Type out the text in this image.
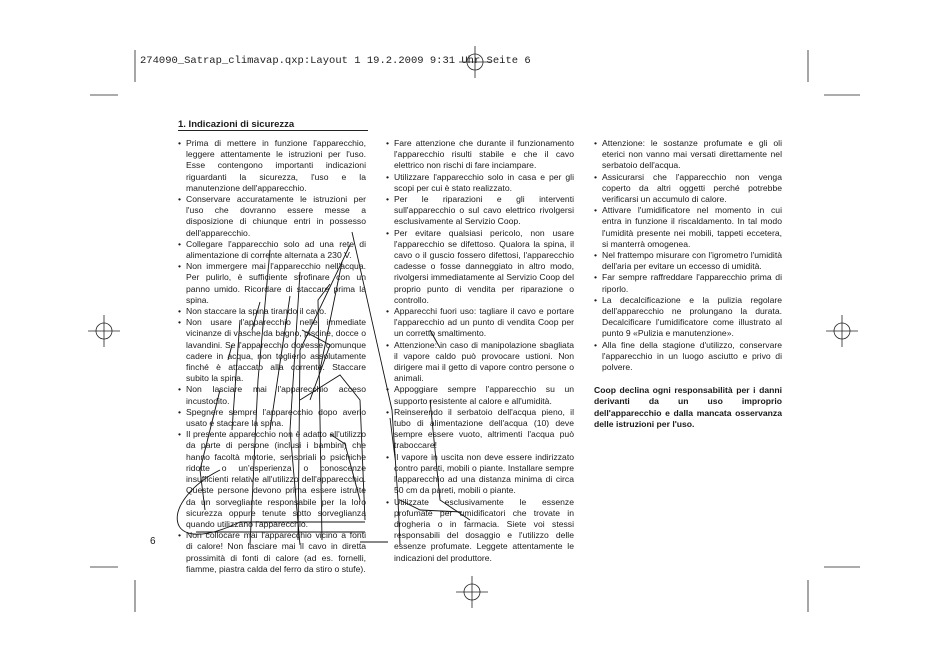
274090_Satrap_climavap.qxp:Layout 1 19.2.2009 9:31 Uhr Seite 6
1. Indicazioni di sicurezza
• Prima di mettere in funzione l'apparecchio, leggere attentamente le istruzioni per l'uso. Esse contengono importanti indicazioni riguardanti la sicurezza, l'uso e la manutenzione dell'apparecchio.
• Conservare accuratamente le istruzioni per l'uso che dovranno essere messe a disposizione di chiunque entri in possesso dell'apparecchio.
• Collegare l'apparecchio solo ad una rete di alimentazione di corrente alternata a 230 V.
• Non immergere mai l'apparecchio nell'acqua. Per pulirlo, è sufficiente strofinare con un panno umido. Ricordare di staccare prima la spina.
• Non staccare la spina tirando il cavo.
• Non usare l'apparecchio nelle immediate vicinanze di vasche da bagno, piscine, docce o lavandini. Se l'apparecchio dovesse comunque cadere in acqua, non toglierlo assolutamente finché è attaccato alla corrente. Staccare subito la spina.
• Non lasciare mai l'apparecchio acceso incustodito.
• Spegnere sempre l'apparecchio dopo averlo usato e staccare la spina.
• Il presente apparecchio non è adatto all'utilizzo da parte di persone (inclusi i bambini) che hanno facoltà motorie, sensoriali o psichiche ridotte o un'esperienza o conoscenze insufficienti relative all'utilizzo dell'apparecchio. Queste persone devono prima essere istruite da un sorvegliante responsabile per la loro sicurezza oppure tenute sotto sorveglianza quando utilizzano l'apparecchio.
• Non collocare mai l'apparecchio vicino a fonti di calore! Non lasciare mai il cavo in diretta prossimità di fonti di calore (ad es. fornelli, fiamme, piastra calda del ferro da stiro o stufe).
• Fare attenzione che durante il funzionamento l'apparecchio risulti stabile e che il cavo elettrico non rischi di fare inciampare.
• Utilizzare l'apparecchio solo in casa e per gli scopi per cui è stato realizzato.
• Per le riparazioni e gli interventi sull'apparecchio o sul cavo elettrico rivolgersi esclusivamente al Servizio Coop.
• Per evitare qualsiasi pericolo, non usare l'apparecchio se difettoso. Qualora la spina, il cavo o il guscio fossero difettosi, l'apparecchio cadesse o fosse danneggiato in altro modo, rivolgersi immediatamente al Servizio Coop del proprio punto di vendita per riparazione o controllo.
• Apparecchi fuori uso: tagliare il cavo e portare l'apparecchio ad un punto di vendita Coop per un corretto smaltimento.
• Attenzione: in caso di manipolazione sbagliata il vapore caldo può provocare ustioni. Non dirigere mai il getto di vapore contro persone o animali.
• Appoggiare sempre l'apparecchio su un supporto resistente al calore e all'umidità.
• Reinserendo il serbatoio dell'acqua pieno, il tubo di alimentazione dell'acqua (10) deve sempre essere vuoto, altrimenti l'acqua può traboccare!
• Il vapore in uscita non deve essere indirizzato contro pareti, mobili o piante. Installare sempre l'apparecchio ad una distanza minima di circa 50 cm da pareti, mobili o piante.
• Utilizzate esclusivamente le essenze profumate per umidificatori che trovate in drogheria o in farmacia. Siete voi stessi responsabili del dosaggio e l'utilizzo delle essenze profumate. Leggete attentamente le indicazioni del produttore.
• Attenzione: le sostanze profumate e gli oli eterici non vanno mai versati direttamente nel serbatoio dell'acqua.
• Assicurarsi che l'apparecchio non venga coperto da altri oggetti perché potrebbe verificarsi un accumulo di calore.
• Attivare l'umidificatore nel momento in cui entra in funzione il riscaldamento. In tal modo l'umidità presente nei mobili, tappeti eccetera, si manterrà omogenea.
• Nel frattempo misurare con l'igrometro l'umidità dell'aria per evitare un eccesso di umidità.
• Far sempre raffreddare l'apparecchio prima di riporlo.
• La decalcificazione e la pulizia regolare dell'apparecchio ne prolungano la durata. Decalcificare l'umidificatore come illustrato al punto 9 «Pulizia e manutenzione».
• Alla fine della stagione d'utilizzo, conservare l'apparecchio in un luogo asciutto e privo di polvere.
Coop declina ogni responsabilità per i danni derivanti da un uso improprio dell'apparecchio e dalla mancata osservanza delle istruzioni per l'uso.
6
